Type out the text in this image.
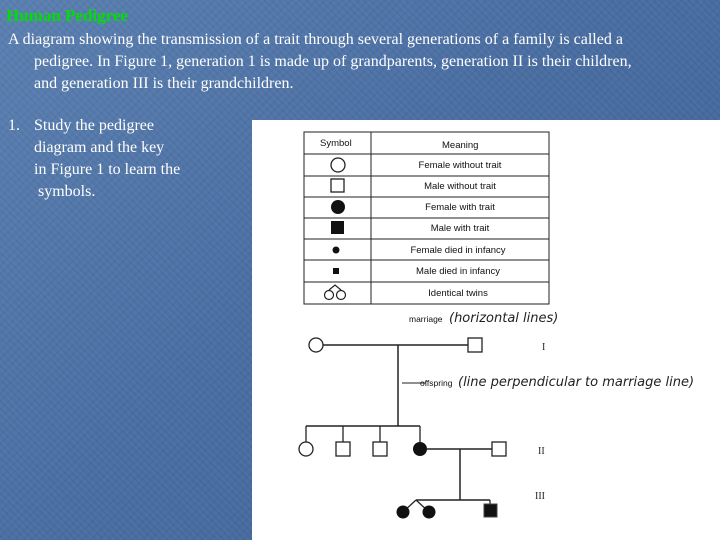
Human Pedigree
A diagram showing the transmission of a trait through several generations of a family is called a
pedigree. In Figure 1, generation 1 is made up of grandparents, generation II is their children,
and generation III is their grandchildren.
1. Study the pedigree
diagram and the key
in Figure 1 to learn the
symbols.
Symbol	Meaning
Female without trait
Male without trait
Female with trait
Male with trait
Female died in infancy
Male died in infancy
Identical twins
marriage (horizontal lines)
I
offspring (line perpendicular to marriage line)
II
III
